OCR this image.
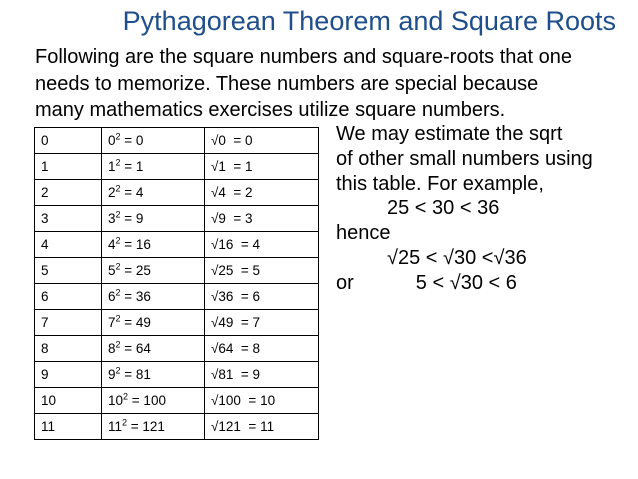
Pythagorean Theorem and Square Roots
Following are the square numbers and square-roots that one
needs to memorize. These numbers are special because
many mathematics exercises utilize square numbers.
0	$0^2 = 0$	√0  = 0
1	$1^2 = 1$	√1  = 1
2	$2^2 = 4$	√4  = 2
3	$3^2 = 9$	√9  = 3
4	$4^2 = 16$	√16  = 4
5	$5^2 = 25$	√25  = 5
6	$6^2 = 36$	√36  = 6
7	$7^2 = 49$	√49  = 7
8	$8^2 = 64$	√64  = 8
9	$9^2 = 81$	√81  = 9
10	$10^2 = 100$	√100  = 10
11	$11^2 = 121$	√121  = 11
We may estimate the sqrt
of other small numbers using
this table. For example,
25 < 30 < 36
hence
√25 < √30 <√36
or	5 < √30 < 6
